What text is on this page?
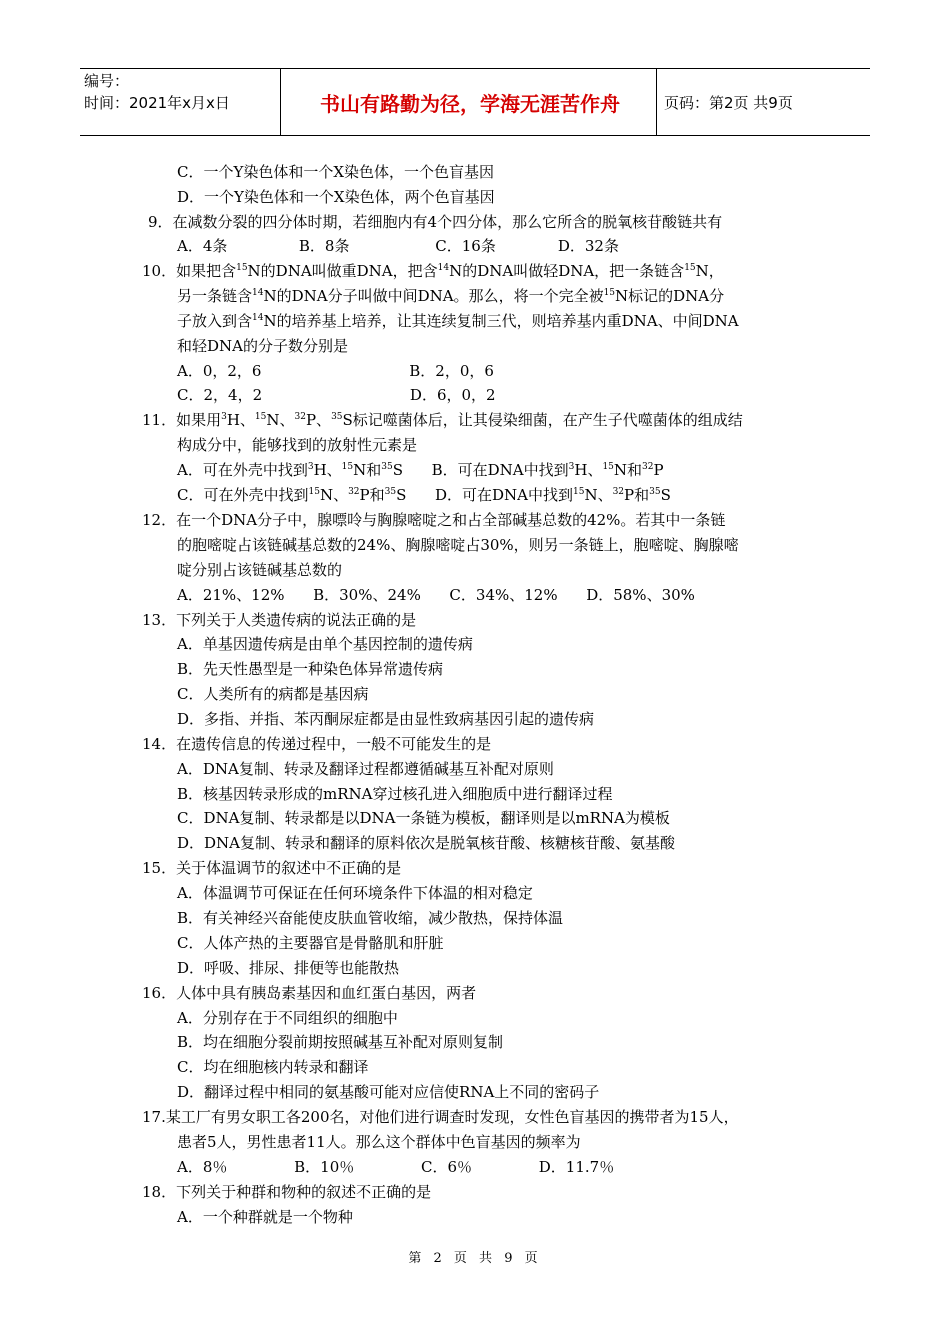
编号：
时间：2021年x月x日	书山有路勤为径，学海无涯苦作舟	页码：第2页 共9页
C．一个Y染色体和一个X染色体，一个色盲基因
D．一个Y染色体和一个X染色体，两个色盲基因
9．在减数分裂的四分体时期，若细胞内有4个四分体，那么它所含的脱氧核苷酸链共有
A．4条               B．8条                  C．16条             D．32条
10．如果把含$^{15}$N的DNA叫做重DNA，把含$^{14}$N的DNA叫做轻DNA，把一条链含$^{15}$N，
另一条链含$^{14}$N的DNA分子叫做中间DNA。那么，将一个完全被$^{15}$N标记的DNA分
子放入到含$^{14}$N的培养基上培养，让其连续复制三代，则培养基内重DNA、中间DNA
和轻DNA的分子数分别是
A．0，2，6                               B．2，0，6
C．2，4，2                               D．6，0，2
11．如果用$^3$H、$^{15}$N、$^{32}$P、$^{35}$S标记噬菌体后，让其侵染细菌，在产生子代噬菌体的组成结
构成分中，能够找到的放射性元素是
A．可在外壳中找到$^3$H、$^{15}$N和$^{35}$S      B．可在DNA中找到$^3$H、$^{15}$N和$^{32}$P
C．可在外壳中找到$^{15}$N、$^{32}$P和$^{35}$S      D．可在DNA中找到$^{15}$N、$^{32}$P和$^{35}$S
12．在一个DNA分子中，腺嘌呤与胸腺嘧啶之和占全部碱基总数的42%。若其中一条链
的胞嘧啶占该链碱基总数的24%、胸腺嘧啶占30%，则另一条链上，胞嘧啶、胸腺嘧
啶分别占该链碱基总数的
A．21%、12%      B．30%、24%      C．34%、12%      D．58%、30%
13．下列关于人类遗传病的说法正确的是
A．单基因遗传病是由单个基因控制的遗传病
B．先天性愚型是一种染色体异常遗传病
C．人类所有的病都是基因病
D．多指、并指、苯丙酮尿症都是由显性致病基因引起的遗传病
14．在遗传信息的传递过程中，一般不可能发生的是
A．DNA复制、转录及翻译过程都遵循碱基互补配对原则
B．核基因转录形成的mRNA穿过核孔进入细胞质中进行翻译过程
C．DNA复制、转录都是以DNA一条链为模板，翻译则是以mRNA为模板
D．DNA复制、转录和翻译的原料依次是脱氧核苷酸、核糖核苷酸、氨基酸
15．关于体温调节的叙述中不正确的是
A．体温调节可保证在任何环境条件下体温的相对稳定
B．有关神经兴奋能使皮肤血管收缩，减少散热，保持体温
C．人体产热的主要器官是骨骼肌和肝脏
D．呼吸、排尿、排便等也能散热
16．人体中具有胰岛素基因和血红蛋白基因，两者
A．分别存在于不同组织的细胞中
B．均在细胞分裂前期按照碱基互补配对原则复制
C．均在细胞核内转录和翻译
D．翻译过程中相同的氨基酸可能对应信使RNA上不同的密码子
17.某工厂有男女职工各200名，对他们进行调查时发现，女性色盲基因的携带者为15人，
患者5人，男性患者11人。那么这个群体中色盲基因的频率为
A．8％              B．10％              C．6％              D．11.7％
18．下列关于种群和物种的叙述不正确的是
A．一个种群就是一个物种
第 2 页 共 9 页
